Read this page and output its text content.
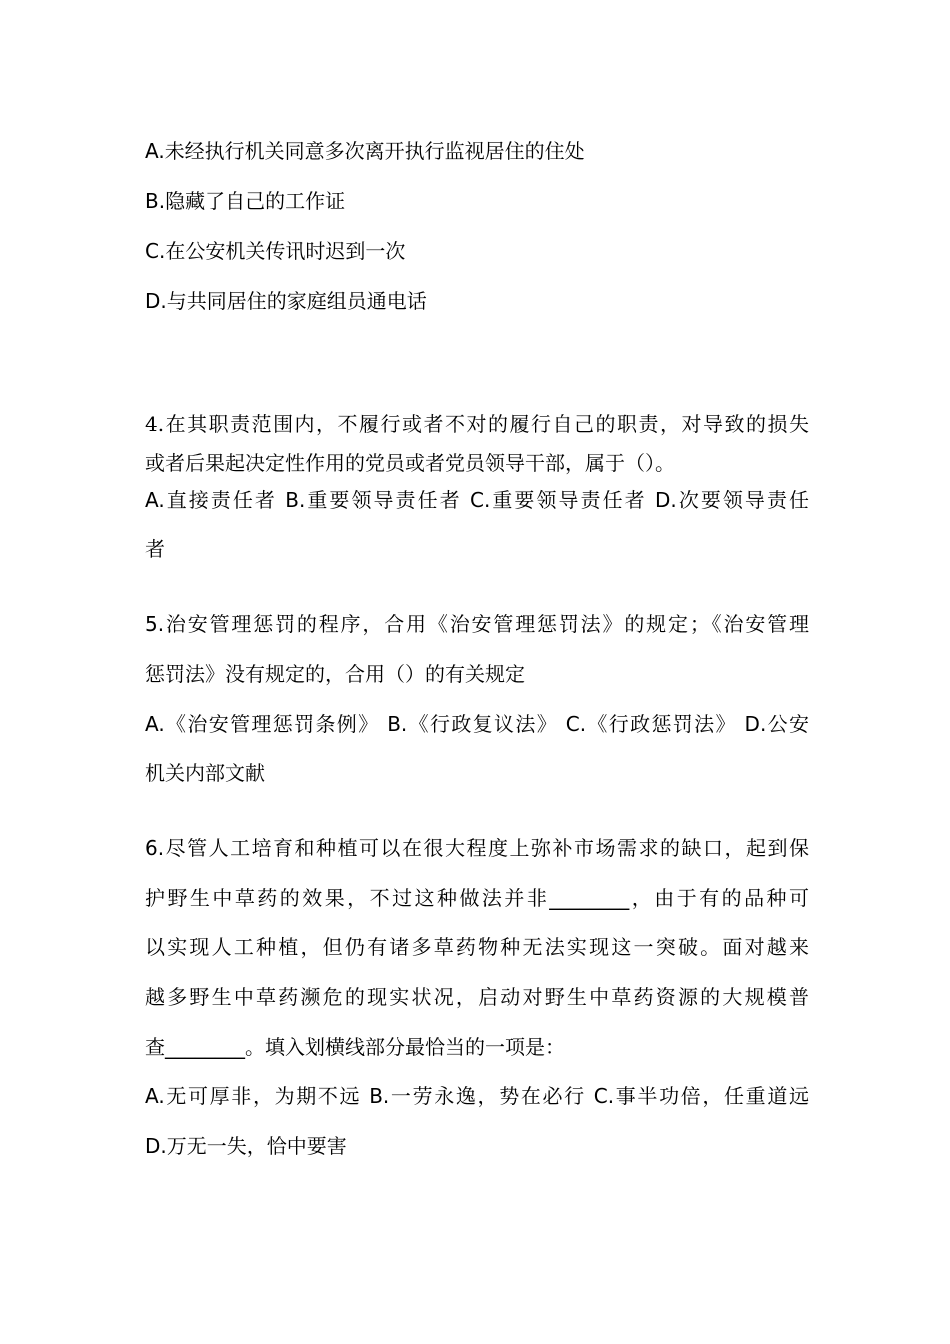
A.未经执行机关同意多次离开执行监视居住的住处
B.隐藏了自己的工作证
C.在公安机关传讯时迟到一次
D.与共同居住的家庭组员通电话
4.在其职责范围内，不履行或者不对的履行自己的职责，对导致的损失
或者后果起决定性作用的党员或者党员领导干部，属于（）。
A.直接责任者 B.重要领导责任者 C.重要领导责任者 D.次要领导责任
者
5.治安管理惩罚的程序，合用《治安管理惩罚法》的规定；《治安管理
惩罚法》没有规定的，合用（）的有关规定
A.《治安管理惩罚条例》 B.《行政复议法》 C.《行政惩罚法》 D.公安
机关内部文献
6.尽管人工培育和种植可以在很大程度上弥补市场需求的缺口，起到保
护野生中草药的效果，不过这种做法并非________，由于有的品种可
以实现人工种植，但仍有诸多草药物种无法实现这一突破。面对越来
越多野生中草药濒危的现实状况，启动对野生中草药资源的大规模普
查________。填入划横线部分最恰当的一项是：
A.无可厚非，为期不远 B.一劳永逸，势在必行 C.事半功倍，任重道远
D.万无一失，恰中要害
